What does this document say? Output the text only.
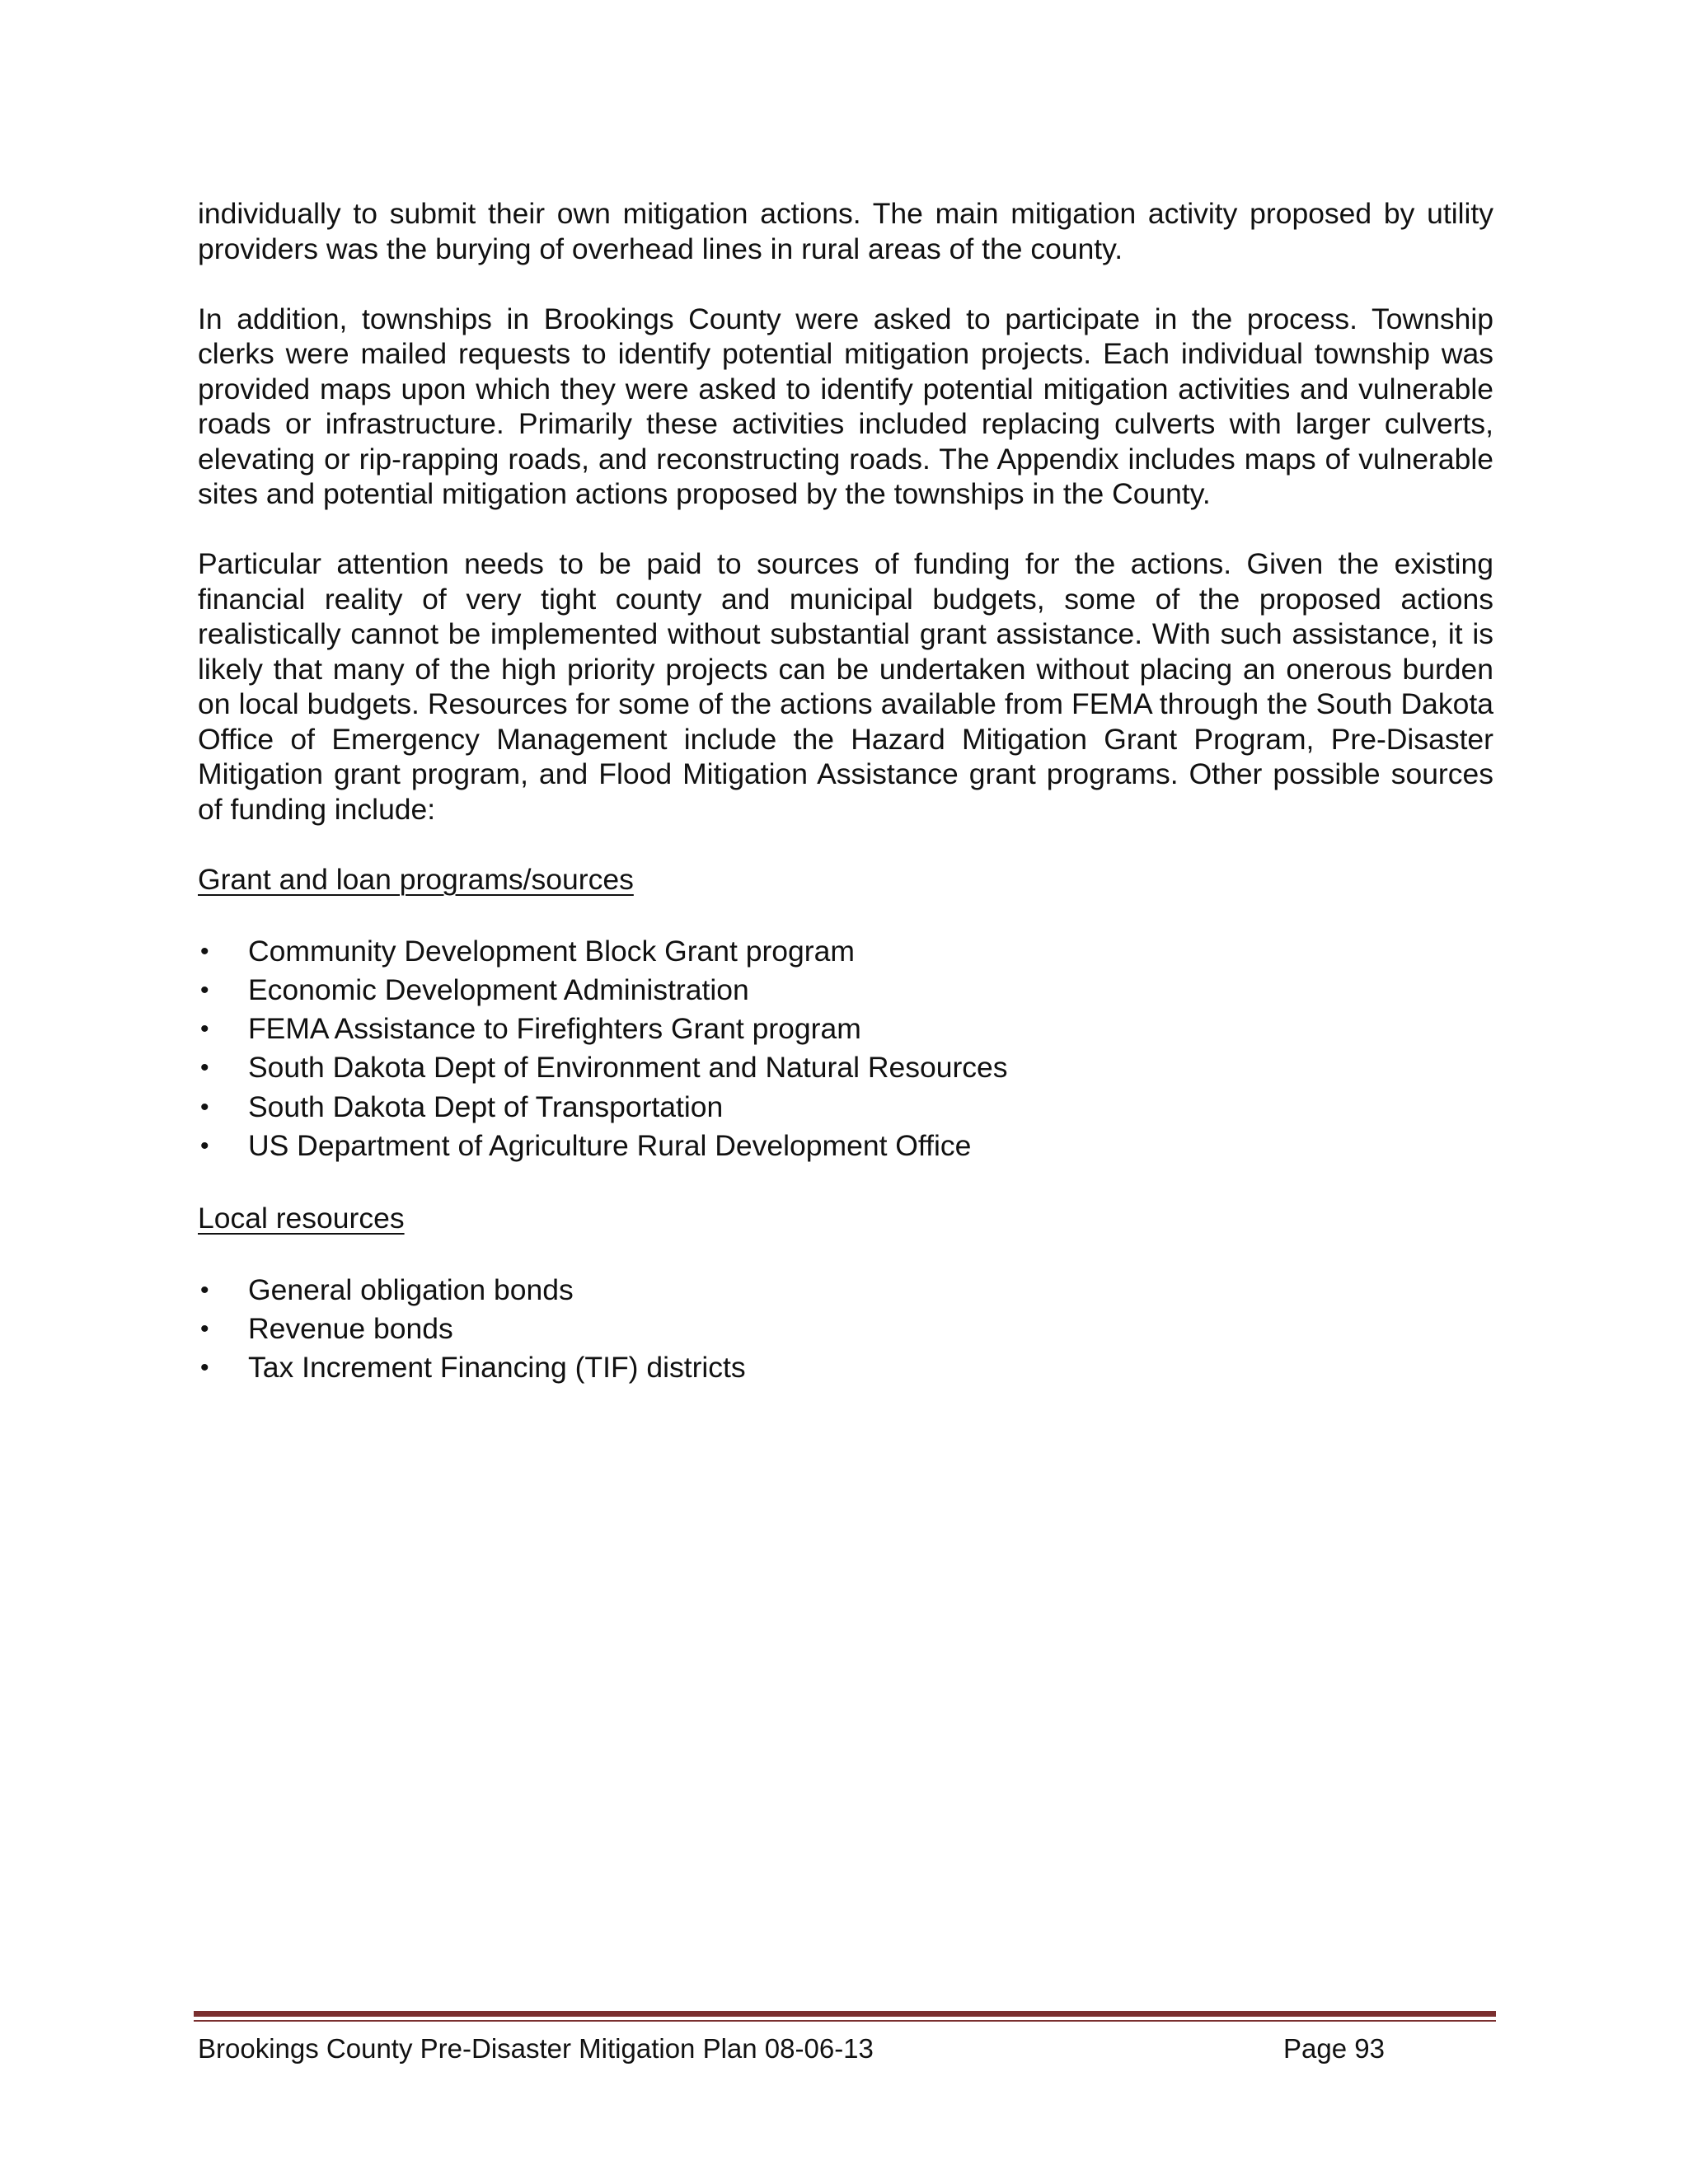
individually to submit their own mitigation actions. The main mitigation activity proposed by utility providers was the burying of overhead lines in rural areas of the county.

In addition, townships in Brookings County were asked to participate in the process. Township clerks were mailed requests to identify potential mitigation projects. Each individual township was provided maps upon which they were asked to identify potential mitigation activities and vulnerable roads or infrastructure. Primarily these activities included replacing culverts with larger culverts, elevating or rip-rapping roads, and reconstructing roads. The Appendix includes maps of vulnerable sites and potential mitigation actions proposed by the townships in the County.

Particular attention needs to be paid to sources of funding for the actions. Given the existing financial reality of very tight county and municipal budgets, some of the proposed actions realistically cannot be implemented without substantial grant assistance. With such assistance, it is likely that many of the high priority projects can be undertaken without placing an onerous burden on local budgets. Resources for some of the actions available from FEMA through the South Dakota Office of Emergency Management include the Hazard Mitigation Grant Program, Pre-Disaster Mitigation grant program, and Flood Mitigation Assistance grant programs. Other possible sources of funding include:

Grant and loan programs/sources

•	Community Development Block Grant program
•	Economic Development Administration
•	FEMA Assistance to Firefighters Grant program
•	South Dakota Dept of Environment and Natural Resources
•	South Dakota Dept of Transportation
•	US Department of Agriculture Rural Development Office

Local resources

•	General obligation bonds
•	Revenue bonds
•	Tax Increment Financing (TIF) districts
Brookings County Pre-Disaster Mitigation Plan 08-06-13	Page 93
